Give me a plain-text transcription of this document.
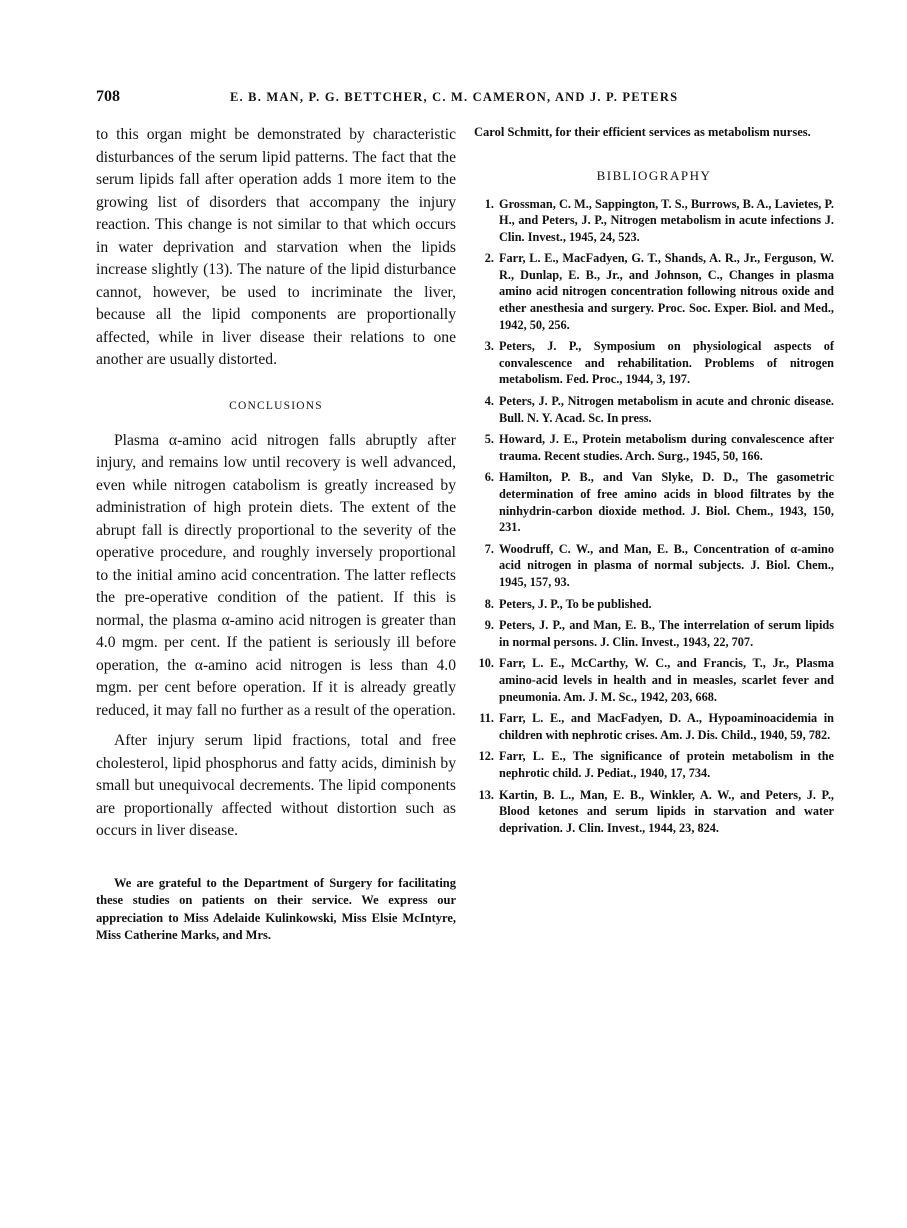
708	E. B. MAN, P. G. BETTCHER, C. M. CAMERON, AND J. P. PETERS

to this organ might be demonstrated by characteristic disturbances of the serum lipid patterns. The fact that the serum lipids fall after operation adds 1 more item to the growing list of disorders that accompany the injury reaction. This change is not similar to that which occurs in water deprivation and starvation when the lipids increase slightly (13). The nature of the lipid disturbance cannot, however, be used to incriminate the liver, because all the lipid components are proportionally affected, while in liver disease their relations to one another are usually distorted.

CONCLUSIONS

Plasma α-amino acid nitrogen falls abruptly after injury, and remains low until recovery is well advanced, even while nitrogen catabolism is greatly increased by administration of high protein diets. The extent of the abrupt fall is directly proportional to the severity of the operative procedure, and roughly inversely proportional to the initial amino acid concentration. The latter reflects the pre-operative condition of the patient. If this is normal, the plasma α-amino acid nitrogen is greater than 4.0 mgm. per cent. If the patient is seriously ill before operation, the α-amino acid nitrogen is less than 4.0 mgm. per cent before operation. If it is already greatly reduced, it may fall no further as a result of the operation.

After injury serum lipid fractions, total and free cholesterol, lipid phosphorus and fatty acids, diminish by small but unequivocal decrements. The lipid components are proportionally affected without distortion such as occurs in liver disease.

We are grateful to the Department of Surgery for facilitating these studies on patients on their service. We express our appreciation to Miss Adelaide Kulinkowski, Miss Elsie McIntyre, Miss Catherine Marks, and Mrs.

Carol Schmitt, for their efficient services as metabolism nurses.

BIBLIOGRAPHY
1. Grossman, C. M., Sappington, T. S., Burrows, B. A., Lavietes, P. H., and Peters, J. P., Nitrogen metabolism in acute infections J. Clin. Invest., 1945, 24, 523.
2. Farr, L. E., MacFadyen, G. T., Shands, A. R., Jr., Ferguson, W. R., Dunlap, E. B., Jr., and Johnson, C., Changes in plasma amino acid nitrogen concentration following nitrous oxide and ether anesthesia and surgery. Proc. Soc. Exper. Biol. and Med., 1942, 50, 256.
3. Peters, J. P., Symposium on physiological aspects of convalescence and rehabilitation. Problems of nitrogen metabolism. Fed. Proc., 1944, 3, 197.
4. Peters, J. P., Nitrogen metabolism in acute and chronic disease. Bull. N. Y. Acad. Sc. In press.
5. Howard, J. E., Protein metabolism during convalescence after trauma. Recent studies. Arch. Surg., 1945, 50, 166.
6. Hamilton, P. B., and Van Slyke, D. D., The gasometric determination of free amino acids in blood filtrates by the ninhydrin-carbon dioxide method. J. Biol. Chem., 1943, 150, 231.
7. Woodruff, C. W., and Man, E. B., Concentration of α-amino acid nitrogen in plasma of normal subjects. J. Biol. Chem., 1945, 157, 93.
8. Peters, J. P., To be published.
9. Peters, J. P., and Man, E. B., The interrelation of serum lipids in normal persons. J. Clin. Invest., 1943, 22, 707.
10. Farr, L. E., McCarthy, W. C., and Francis, T., Jr., Plasma amino-acid levels in health and in measles, scarlet fever and pneumonia. Am. J. M. Sc., 1942, 203, 668.
11. Farr, L. E., and MacFadyen, D. A., Hypoaminoacidemia in children with nephrotic crises. Am. J. Dis. Child., 1940, 59, 782.
12. Farr, L. E., The significance of protein metabolism in the nephrotic child. J. Pediat., 1940, 17, 734.
13. Kartin, B. L., Man, E. B., Winkler, A. W., and Peters, J. P., Blood ketones and serum lipids in starvation and water deprivation. J. Clin. Invest., 1944, 23, 824.
